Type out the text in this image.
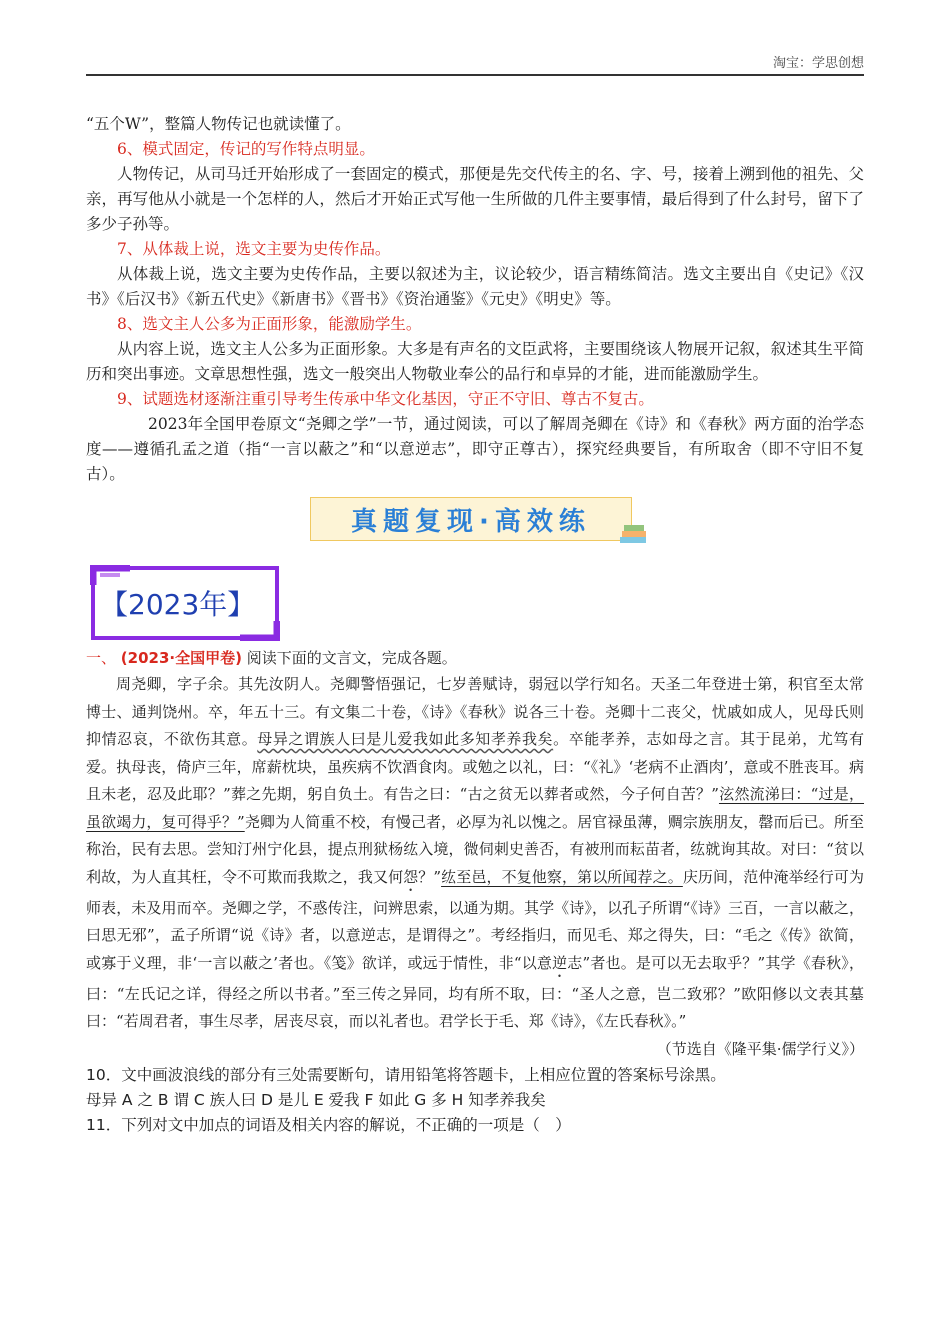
淘宝：学思创想

“五个W”，整篇人物传记也就读懂了。

6、模式固定，传记的写作特点明显。

人物传记，从司马迁开始形成了一套固定的模式，那便是先交代传主的名、字、号，接着上溯到他的祖先、父亲，再写他从小就是一个怎样的人，然后才开始正式写他一生所做的几件主要事情，最后得到了什么封号，留下了多少子孙等。

7、从体裁上说，选文主要为史传作品。

从体裁上说，选文主要为史传作品，主要以叙述为主，议论较少，语言精练简洁。选文主要出自《史记》《汉书》《后汉书》《新五代史》《新唐书》《晋书》《资治通鉴》《元史》《明史》等。

8、选文主人公多为正面形象，能激励学生。

从内容上说，选文主人公多为正面形象。大多是有声名的文臣武将，主要围绕该人物展开记叙，叙述其生平简历和突出事迹。文章思想性强，选文一般突出人物敬业奉公的品行和卓异的才能，进而能激励学生。

9、试题选材逐渐注重引导考生传承中华文化基因，守正不守旧、尊古不复古。

2023年全国甲卷原文“尧卿之学”一节，通过阅读，可以了解周尧卿在《诗》和《春秋》两方面的治学态度——遵循孔孟之道（指“一言以蔽之”和“以意逆志”，即守正尊古），探究经典要旨，有所取舍（即不守旧不复古）。

真题复现·高效练
【2023年】
一、 (2023·全国甲卷) 阅读下面的文言文，完成各题。

周尧卿，字子余。其先汝阴人。尧卿警悟强记，七岁善赋诗，弱冠以学行知名。天圣二年登进士第，积官至太常博士、通判饶州。卒，年五十三。有文集二十卷，《诗》《春秋》说各三十卷。尧卿十二丧父，忧戚如成人，见母氏则抑情忍哀，不欲伤其意。母异之谓族人曰是儿爱我如此多知孝养我矣。卒能孝养，志如母之言。其于昆弟，尤笃有爱。执母丧，倚庐三年，席薪枕块，虽疾病不饮酒食肉。或勉之以礼，曰：“《礼》‘老病不止酒肉’，意或不胜丧耳。病且未老，忍及此耶？”葬之先期，躬自负土。有告之曰：“古之贫无以葬者或然，今子何自苦？”泫然流涕曰：“过是，虽欲竭力，复可得乎？”尧卿为人简重不校，有慢己者，必厚为礼以愧之。居官禄虽薄，赒宗族朋友，罄而后已。所至称治，民有去思。尝知汀州宁化县，提点刑狱杨纮入境，微伺刺史善否，有被刑而耘苗者，纮就询其故。对曰：“贫以利故，为人直其枉，令不可欺而我欺之，我又何怨？”纮至邑，不复他察，第以所闻荐之。庆历间，范仲淹举经行可为师表，未及用而卒。尧卿之学，不惑传注，问辨思索，以通为期。其学《诗》，以孔子所谓“《诗》三百，一言以蔽之，曰思无邪”，孟子所谓“说《诗》者，以意逆志，是谓得之”。考经指归，而见毛、郑之得失，曰：“毛之《传》欲简，或寡于义理，非‘一言以蔽之’者也。《笺》欲详，或远于情性，非“以意逆志”者也。是可以无去取乎？”其学《春秋》，曰：“左氏记之详，得经之所以书者。”至三传之异同，均有所不取，曰：“圣人之意，岂二致邪？”欧阳修以文表其墓曰：“若周君者，事生尽孝，居丧尽哀，而以礼者也。君学长于毛、郑《诗》，《左氏春秋》。”

（节选自《隆平集·儒学行义》）

10．文中画波浪线的部分有三处需要断句，请用铅笔将答题卡，上相应位置的答案标号涂黑。

母异 A 之 B 谓 C 族人曰 D 是儿 E 爱我 F 如此 G 多 H 知孝养我矣

11．下列对文中加点的词语及相关内容的解说，不正确的一项是（　）
